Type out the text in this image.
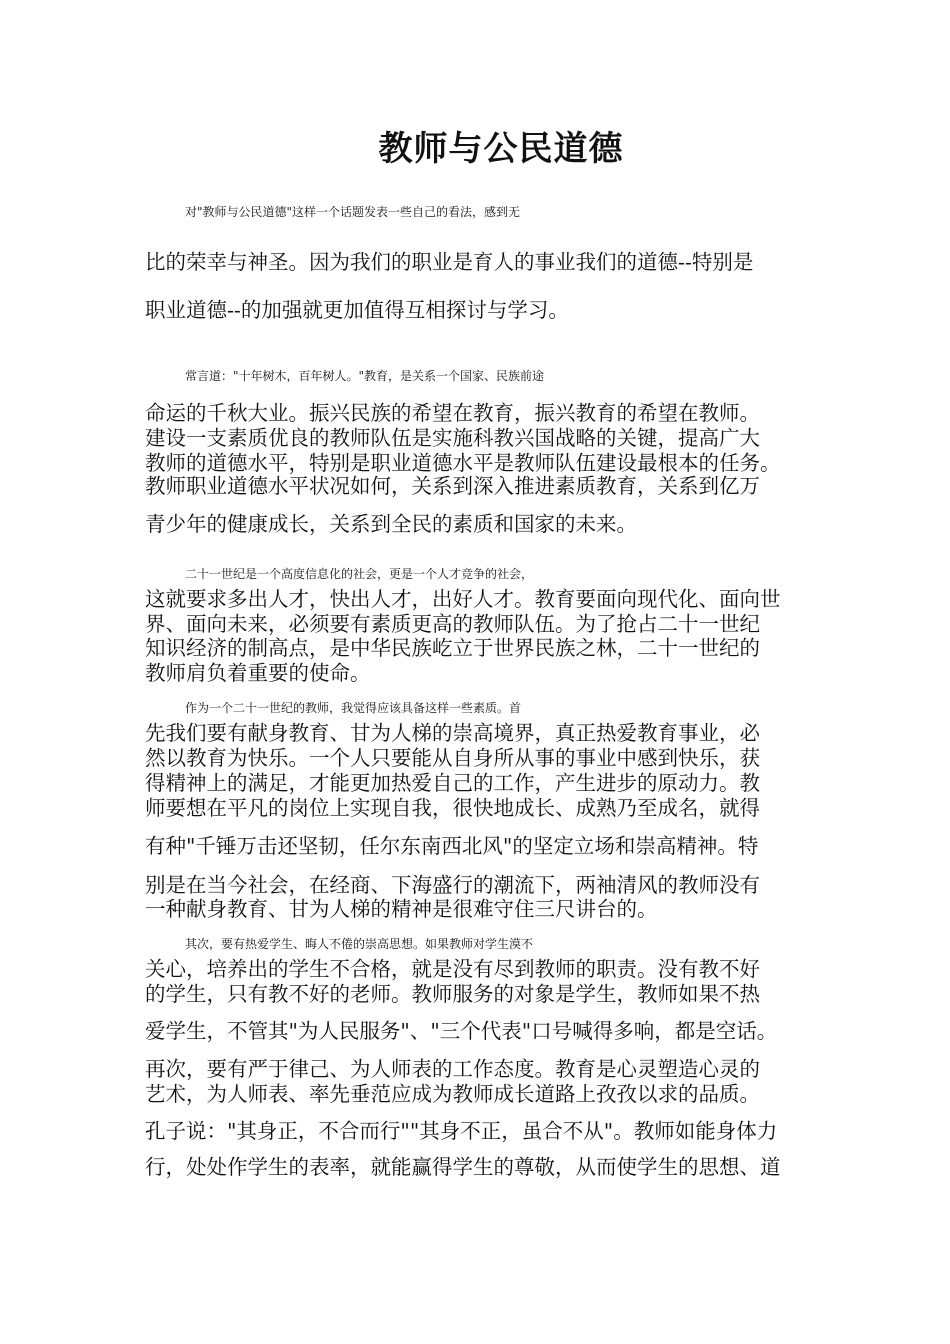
教师与公民道德
对"教师与公民道德"这样一个话题发表一些自己的看法，感到无
比的荣幸与神圣。因为我们的职业是育人的事业我们的道德--特别是
职业道德--的加强就更加值得互相探讨与学习。
常言道："十年树木，百年树人。"教育，是关系一个国家、民族前途
命运的千秋大业。振兴民族的希望在教育，振兴教育的希望在教师。
建设一支素质优良的教师队伍是实施科教兴国战略的关键，提高广大
教师的道德水平，特别是职业道德水平是教师队伍建设最根本的任务。
教师职业道德水平状况如何，关系到深入推进素质教育，关系到亿万
青少年的健康成长，关系到全民的素质和国家的未来。
二十一世纪是一个高度信息化的社会，更是一个人才竞争的社会，
这就要求多出人才，快出人才，出好人才。教育要面向现代化、面向世
界、面向未来，必须要有素质更高的教师队伍。为了抢占二十一世纪
知识经济的制高点，是中华民族屹立于世界民族之林，二十一世纪的
教师肩负着重要的使命。
作为一个二十一世纪的教师，我觉得应该具备这样一些素质。首
先我们要有献身教育、甘为人梯的崇高境界，真正热爱教育事业，必
然以教育为快乐。一个人只要能从自身所从事的事业中感到快乐，获
得精神上的满足，才能更加热爱自己的工作，产生进步的原动力。教
师要想在平凡的岗位上实现自我，很快地成长、成熟乃至成名，就得
有种"千锤万击还坚韧，任尔东南西北风"的坚定立场和崇高精神。特
别是在当今社会，在经商、下海盛行的潮流下，两袖清风的教师没有
一种献身教育、甘为人梯的精神是很难守住三尺讲台的。
其次，要有热爱学生、晦人不倦的崇高思想。如果教师对学生漠不
关心，培养出的学生不合格，就是没有尽到教师的职责。没有教不好
的学生，只有教不好的老师。教师服务的对象是学生，教师如果不热
爱学生，不管其"为人民服务"、"三个代表"口号喊得多响，都是空话。
再次，要有严于律己、为人师表的工作态度。教育是心灵塑造心灵的
艺术，为人师表、率先垂范应成为教师成长道路上孜孜以求的品质。
孔子说："其身正，不合而行""其身不正，虽合不从"。教师如能身体力
行，处处作学生的表率，就能赢得学生的尊敬，从而使学生的思想、道
